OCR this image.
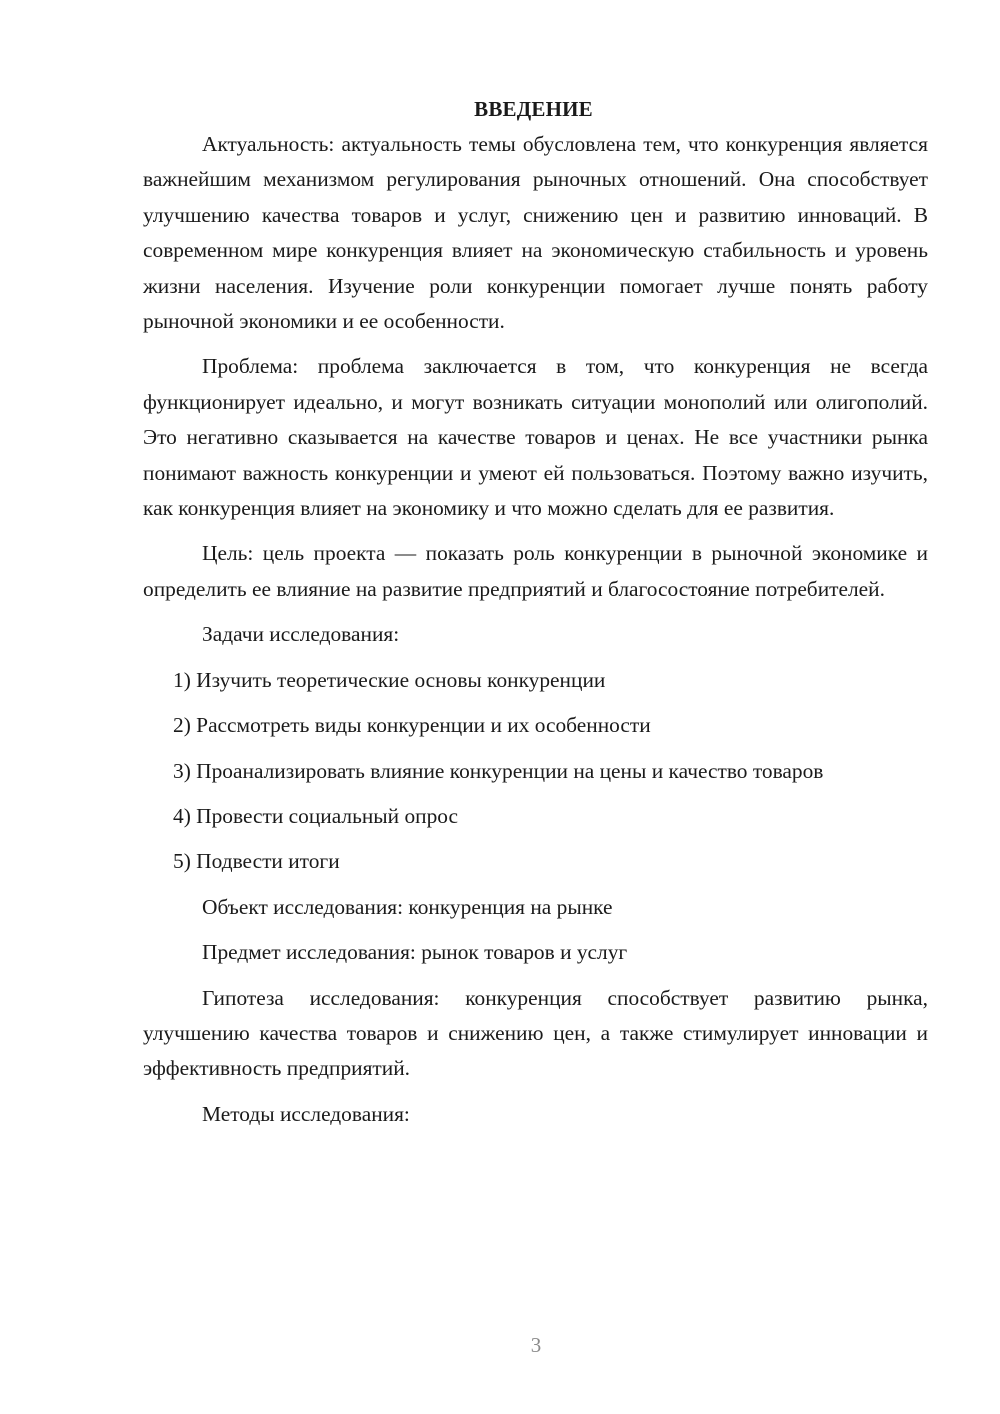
ВВЕДЕНИЕ

Актуальность: актуальность темы обусловлена тем, что конкуренция является важнейшим механизмом регулирования рыночных отношений. Она способствует улучшению качества товаров и услуг, снижению цен и развитию инноваций. В современном мире конкуренция влияет на экономическую стабильность и уровень жизни населения. Изучение роли конкуренции помогает лучше понять работу рыночной экономики и ее особенности.

Проблема: проблема заключается в том, что конкуренция не всегда функционирует идеально, и могут возникать ситуации монополий или олигополий. Это негативно сказывается на качестве товаров и ценах. Не все участники рынка понимают важность конкуренции и умеют ей пользоваться. Поэтому важно изучить, как конкуренция влияет на экономику и что можно сделать для ее развития.

Цель: цель проекта — показать роль конкуренции в рыночной экономике и определить ее влияние на развитие предприятий и благосостояние потребителей.

Задачи исследования:

1) Изучить теоретические основы конкуренции

2) Рассмотреть виды конкуренции и их особенности

3) Проанализировать влияние конкуренции на цены и качество товаров

4) Провести социальный опрос

5) Подвести итоги

Объект исследования: конкуренция на рынке

Предмет исследования: рынок товаров и услуг

Гипотеза исследования: конкуренция способствует развитию рынка, улучшению качества товаров и снижению цен, а также стимулирует инновации и эффективность предприятий.

Методы исследования:

3
